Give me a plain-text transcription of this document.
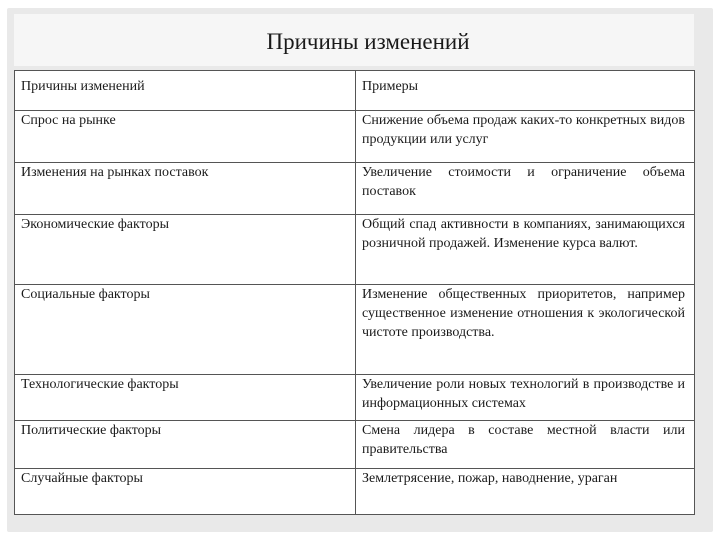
Причины изменений
Причины изменений	Примеры
Спрос на рынке	Снижение объема продаж каких-то конкретных видов продукции или услуг
Изменения на рынках поставок	Увеличение стоимости и ограничение объема поставок
Экономические факторы	Общий спад активности в компаниях, занимающихся розничной продажей. Изменение курса валют.
Социальные факторы	Изменение общественных приоритетов, например существенное изменение отношения к экологической чистоте производства.
Технологические факторы	Увеличение роли новых технологий в производстве и информационных системах
Политические факторы	Смена лидера в составе местной власти или правительства
Случайные факторы	Землетрясение, пожар, наводнение, ураган
